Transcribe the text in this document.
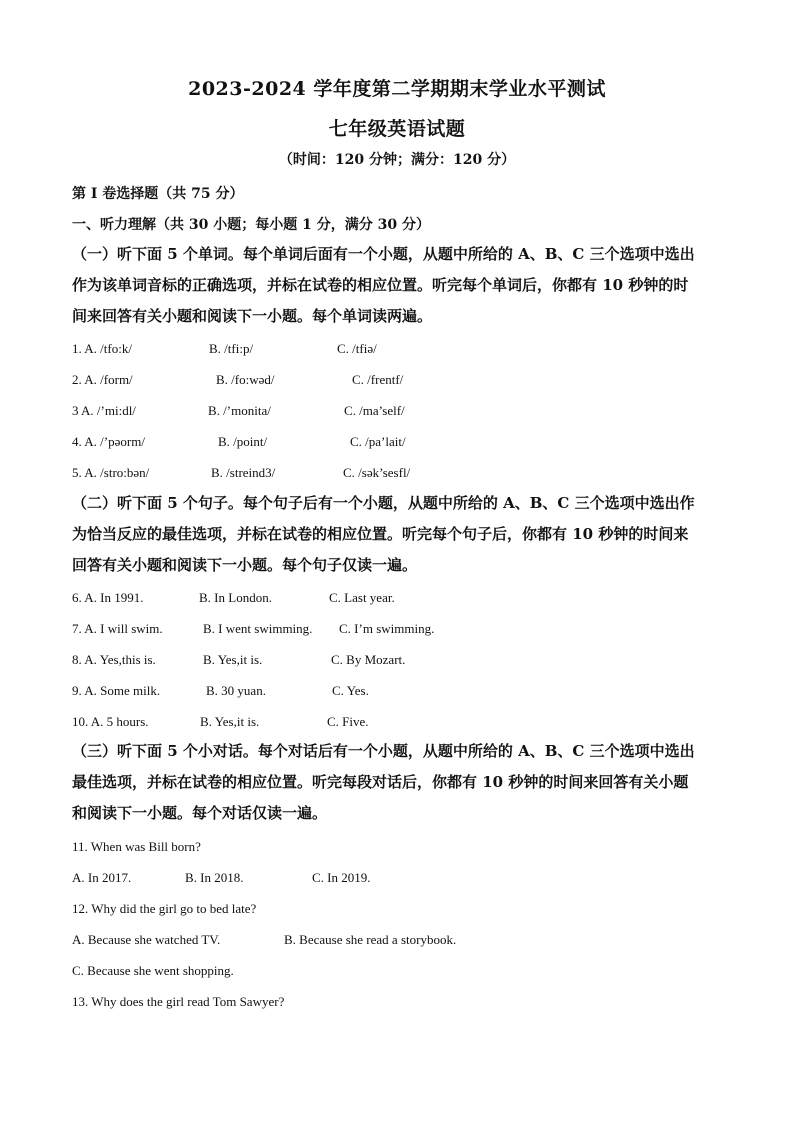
2023-2024 学年度第二学期期末学业水平测试
七年级英语试题
（时间：120 分钟；满分：120 分）
第 I 卷选择题（共 75 分）
一、听力理解（共 30 小题；每小题 1 分，满分 30 分）

（一）听下面 5 个单词。每个单词后面有一个小题，从题中所给的 A、B、C 三个选项中选出

作为该单词音标的正确选项，并标在试卷的相应位置。听完每个单词后，你都有 10 秒钟的时

间来回答有关小题和阅读下一小题。每个单词读两遍。

1. A. /tfo:k/	B. /tfi:p/	C. /tfiə/
2. A. /form/	B. /fo:wəd/	C. /frentf/
3 A. /’mi:dl/	B. /’monita/	C. /ma’self/
4. A. /’pəorm/	B. /point/	C. /pa’lait/
5. A. /stro:bən/	B. /streind3/	C. /sək’sesfl/

（二）听下面 5 个句子。每个句子后有一个小题，从题中所给的 A、B、C 三个选项中选出作

为恰当反应的最佳选项，并标在试卷的相应位置。听完每个句子后，你都有 10 秒钟的时间来

回答有关小题和阅读下一小题。每个句子仅读一遍。

6. A. In 1991.	B. In London.	C. Last year.
7. A. I will swim.	B. I went swimming. C. I’m swimming.
8. A. Yes,this is.	B. Yes,it is.	C. By Mozart.
9. A. Some milk.	B. 30 yuan.	C. Yes.
10. A. 5 hours.	B. Yes,it is.	C. Five.

（三）听下面 5 个小对话。每个对话后有一个小题，从题中所给的 A、B、C 三个选项中选出

最佳选项，并标在试卷的相应位置。听完每段对话后，你都有 10 秒钟的时间来回答有关小题

和阅读下一小题。每个对话仅读一遍。

11. When was Bill born?
A. In 2017.	B. In 2018.	C. In 2019.
12. Why did the girl go to bed late?
A. Because she watched TV.	B. Because she read a storybook.
C. Because she went shopping.
13. Why does the girl read Tom Sawyer?
